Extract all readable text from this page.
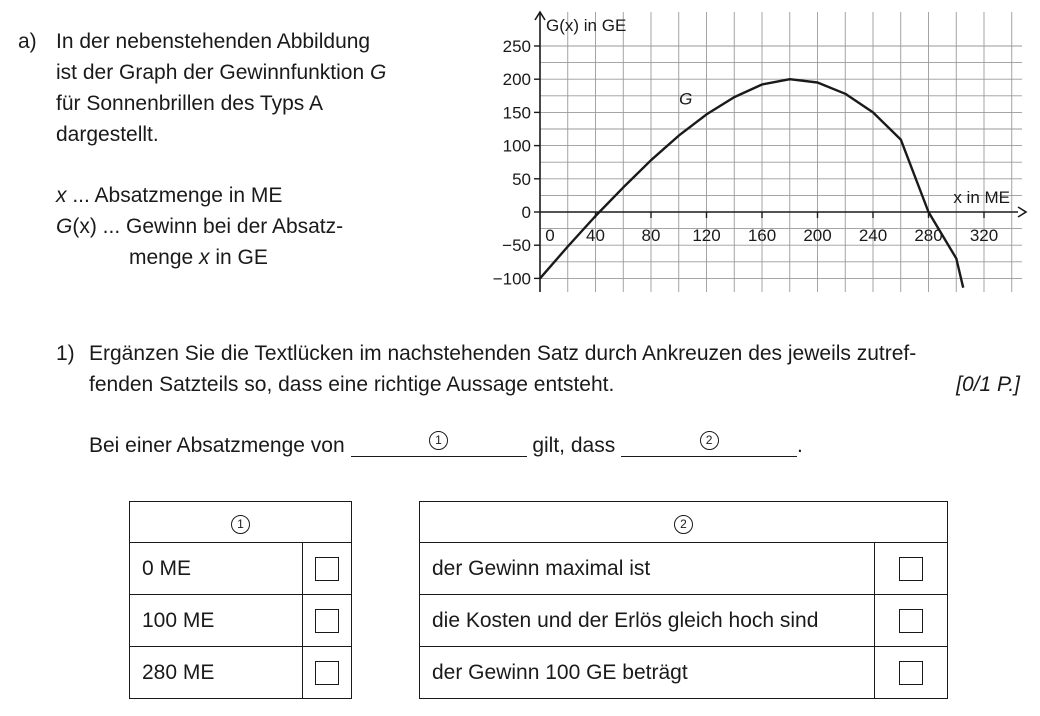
a) In der nebenstehenden Abbildung
ist der Graph der Gewinnfunktion G
für Sonnenbrillen des Typs A
dargestellt.
x ... Absatzmenge in ME
G(x) ... Gewinn bei der Absatz-
menge x in GE
250
200
150
100
50
0
−50
−100
0 40 80 120 160 200 240 280 320
G(x) in GE
x in ME
G
1) Ergänzen Sie die Textlücken im nachstehenden Satz durch Ankreuzen des jeweils zutref-
fenden Satzteils so, dass eine richtige Aussage entsteht.	[0/1 P.]
Bei einer Absatzmenge von	1	gilt, dass	2	.
1	
0 ME	
100 ME	
280 ME	
2	
der Gewinn maximal ist	
die Kosten und der Erlös gleich hoch sind	
der Gewinn 100 GE beträgt	
